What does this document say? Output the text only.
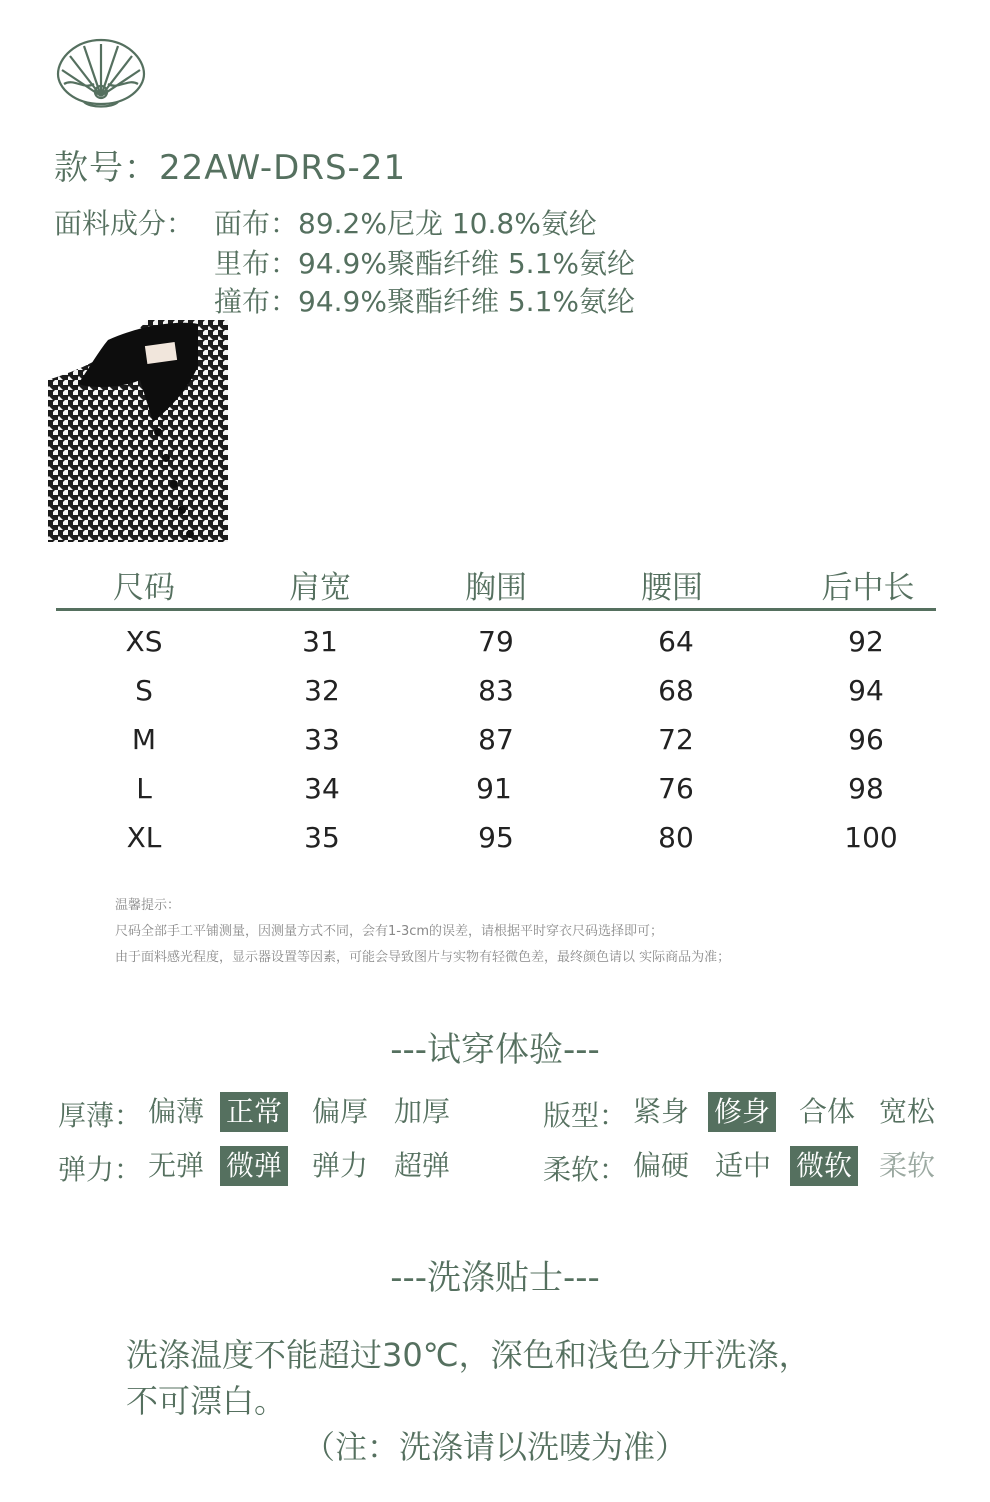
款号：22AW-DRS-21
面料成分： 面布：89.2%尼龙 10.8%氨纶
里布：94.9%聚酯纤维 5.1%氨纶
撞布：94.9%聚酯纤维 5.1%氨纶
尺码	肩宽	胸围	腰围	后中长
XS	31	79	64	92
S	32	83	68	94
M	33	87	72	96
L	34	91	76	98
XL	35	95	80	100
温馨提示：
尺码全部手工平铺测量，因测量方式不同，会有1-3cm的误差，请根据平时穿衣尺码选择即可；
由于面料感光程度，显示器设置等因素，可能会导致图片与实物有轻微色差，最终颜色请以 实际商品为准；
---试穿体验---
厚薄： 偏薄 正常 偏厚 加厚	版型： 紧身 修身 合体 宽松
弹力： 无弹 微弹 弹力 超弹	柔软： 偏硬 适中 微软 柔软
---洗涤贴士---
洗涤温度不能超过30℃，深色和浅色分开洗涤，
不可漂白。
（注：洗涤请以洗唛为准）
